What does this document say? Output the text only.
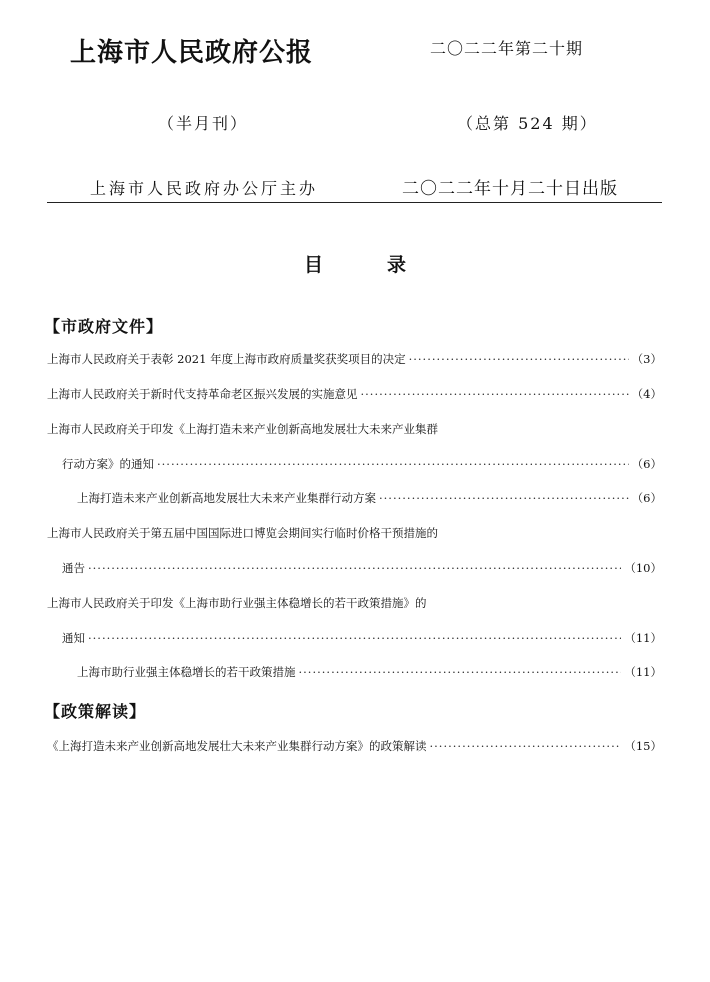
上海市人民政府公报	二〇二二年第二十期
（半月刊）	（总第 524 期）
上海市人民政府办公厅主办	二〇二二年十月二十日出版
目	录
【市政府文件】
上海市人民政府关于表彰 2021 年度上海市政府质量奖获奖项目的决定 ·····	（3）
上海市人民政府关于新时代支持革命老区振兴发展的实施意见 ·····	（4）
上海市人民政府关于印发《上海打造未来产业创新高地发展壮大未来产业集群
行动方案》的通知 ·····	（6）
上海打造未来产业创新高地发展壮大未来产业集群行动方案 ·····	（6）
上海市人民政府关于第五届中国国际进口博览会期间实行临时价格干预措施的
通告 ·····	（10）
上海市人民政府关于印发《上海市助行业强主体稳增长的若干政策措施》的
通知 ·····	（11）
上海市助行业强主体稳增长的若干政策措施 ·····	（11）
【政策解读】
《上海打造未来产业创新高地发展壮大未来产业集群行动方案》的政策解读 ·····	（15）
